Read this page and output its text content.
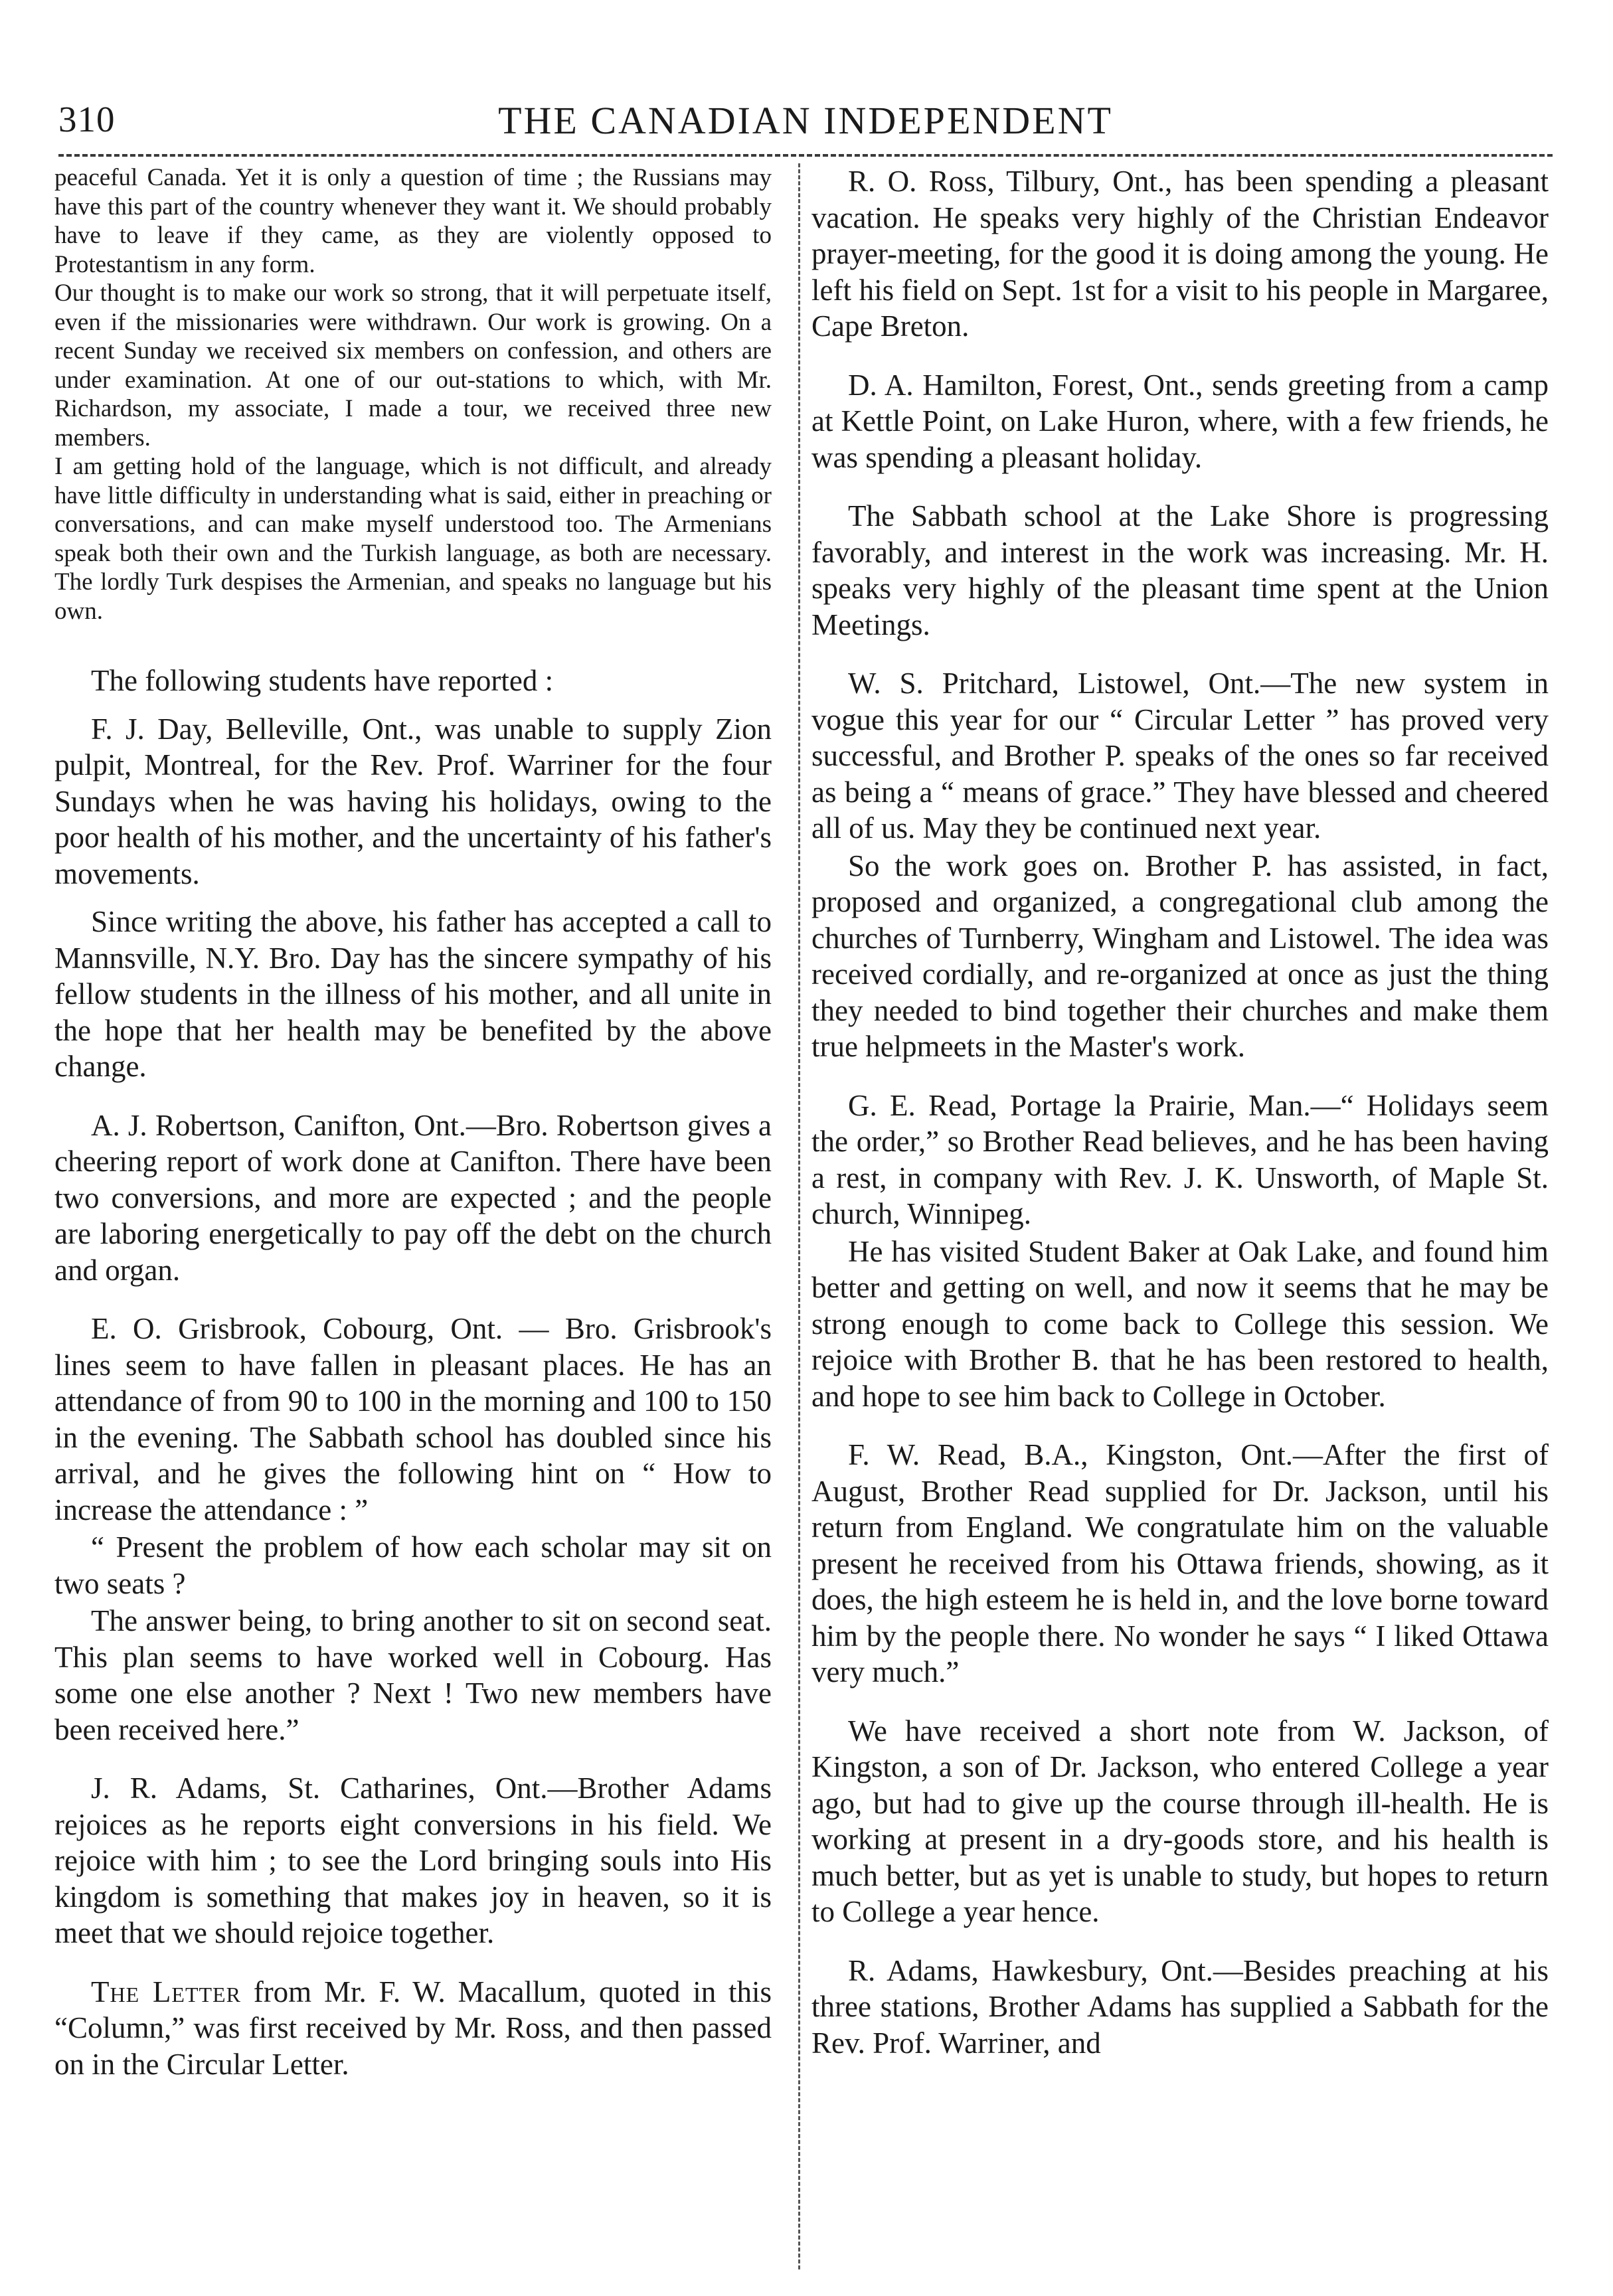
THE CANADIAN INDEPENDENT
310

peaceful Canada. Yet it is only a question of time ; the Russians may have this part of the country whenever they want it. We should probably have to leave if they came, as they are violently opposed to Protestantism in any form.

Our thought is to make our work so strong, that it will perpetuate itself, even if the missionaries were withdrawn. Our work is growing. On a recent Sunday we received six members on confession, and others are under examination. At one of our out-stations to which, with Mr. Richardson, my associate, I made a tour, we received three new members.

I am getting hold of the language, which is not difficult, and already have little difficulty in understanding what is said, either in preaching or conversations, and can make myself understood too. The Armenians speak both their own and the Turkish language, as both are necessary. The lordly Turk despises the Armenian, and speaks no language but his own.

The following students have reported :

F. J. Day, Belleville, Ont., was unable to supply Zion pulpit, Montreal, for the Rev. Prof. Warriner for the four Sundays when he was having his holidays, owing to the poor health of his mother, and the uncertainty of his father's movements.

Since writing the above, his father has accepted a call to Mannsville, N.Y. Bro. Day has the sincere sympathy of his fellow students in the illness of his mother, and all unite in the hope that her health may be benefited by the above change.

A. J. Robertson, Canifton, Ont.—Bro. Robertson gives a cheering report of work done at Canifton. There have been two conversions, and more are expected ; and the people are laboring energetically to pay off the debt on the church and organ.

E. O. Grisbrook, Cobourg, Ont. — Bro. Grisbrook's lines seem to have fallen in pleasant places. He has an attendance of from 90 to 100 in the morning and 100 to 150 in the evening. The Sabbath school has doubled since his arrival, and he gives the following hint on “ How to increase the attendance : ”

“ Present the problem of how each scholar may sit on two seats ?

The answer being, to bring another to sit on second seat. This plan seems to have worked well in Cobourg. Has some one else another ? Next ! Two new members have been received here.”

J. R. Adams, St. Catharines, Ont.—Brother Adams rejoices as he reports eight conversions in his field. We rejoice with him ; to see the Lord bringing souls into His kingdom is something that makes joy in heaven, so it is meet that we should rejoice together.

The Letter from Mr. F. W. Macallum, quoted in this “Column,” was first received by Mr. Ross, and then passed on in the Circular Letter.

R. O. Ross, Tilbury, Ont., has been spending a pleasant vacation. He speaks very highly of the Christian Endeavor prayer-meeting, for the good it is doing among the young. He left his field on Sept. 1st for a visit to his people in Margaree, Cape Breton.

D. A. Hamilton, Forest, Ont., sends greeting from a camp at Kettle Point, on Lake Huron, where, with a few friends, he was spending a pleasant holiday.

The Sabbath school at the Lake Shore is progressing favorably, and interest in the work was increasing. Mr. H. speaks very highly of the pleasant time spent at the Union Meetings.

W. S. Pritchard, Listowel, Ont.—The new system in vogue this year for our “ Circular Letter ” has proved very successful, and Brother P. speaks of the ones so far received as being a “ means of grace.” They have blessed and cheered all of us. May they be continued next year.

So the work goes on. Brother P. has assisted, in fact, proposed and organized, a congregational club among the churches of Turnberry, Wingham and Listowel. The idea was received cordially, and re-organized at once as just the thing they needed to bind together their churches and make them true helpmeets in the Master's work.

G. E. Read, Portage la Prairie, Man.—“ Holidays seem the order,” so Brother Read believes, and he has been having a rest, in company with Rev. J. K. Unsworth, of Maple St. church, Winnipeg.

He has visited Student Baker at Oak Lake, and found him better and getting on well, and now it seems that he may be strong enough to come back to College this session. We rejoice with Brother B. that he has been restored to health, and hope to see him back to College in October.

F. W. Read, B.A., Kingston, Ont.—After the first of August, Brother Read supplied for Dr. Jackson, until his return from England. We congratulate him on the valuable present he received from his Ottawa friends, showing, as it does, the high esteem he is held in, and the love borne toward him by the people there. No wonder he says “ I liked Ottawa very much.”

We have received a short note from W. Jackson, of Kingston, a son of Dr. Jackson, who entered College a year ago, but had to give up the course through ill-health. He is working at present in a dry-goods store, and his health is much better, but as yet is unable to study, but hopes to return to College a year hence.

R. Adams, Hawkesbury, Ont.—Besides preaching at his three stations, Brother Adams has supplied a Sabbath for the Rev. Prof. Warriner, and
